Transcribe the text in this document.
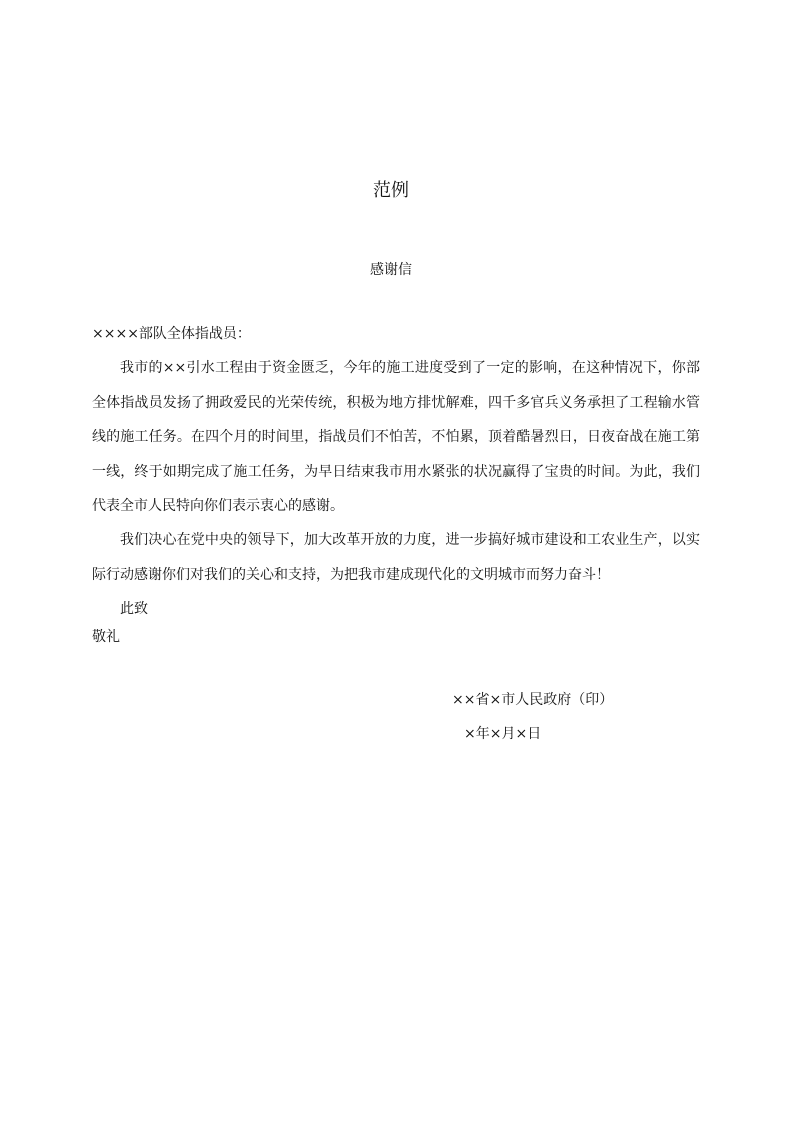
范例
感谢信
××××部队全体指战员：
我市的××引水工程由于资金匮乏，今年的施工进度受到了一定的影响，在这种情况下，你部
全体指战员发扬了拥政爱民的光荣传统，积极为地方排忧解难，四千多官兵义务承担了工程输水管
线的施工任务。在四个月的时间里，指战员们不怕苦，不怕累，顶着酷暑烈日，日夜奋战在施工第
一线，终于如期完成了施工任务，为早日结束我市用水紧张的状况赢得了宝贵的时间。为此，我们
代表全市人民特向你们表示衷心的感谢。
我们决心在党中央的领导下，加大改革开放的力度，进一步搞好城市建设和工农业生产，以实
际行动感谢你们对我们的关心和支持，为把我市建成现代化的文明城市而努力奋斗！
此致
敬礼
××省×市人民政府（印）
×年×月×日
